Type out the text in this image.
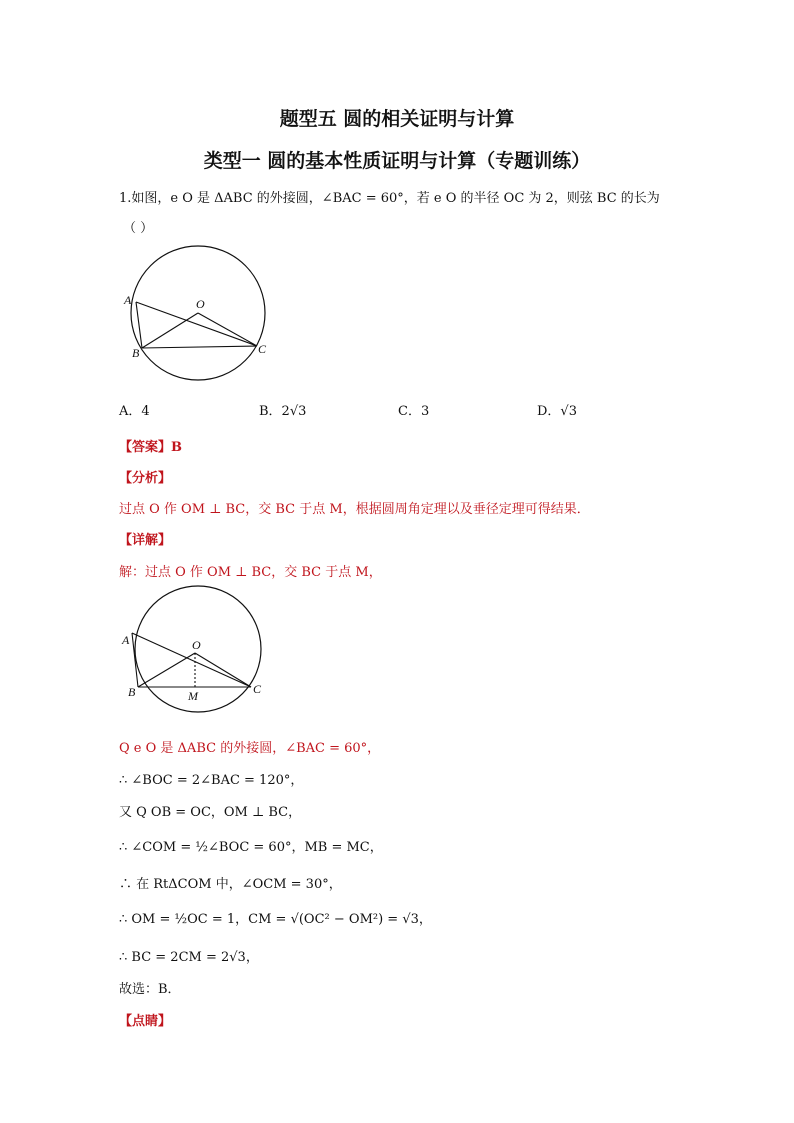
题型五 圆的相关证明与计算
类型一 圆的基本性质证明与计算（专题训练）
1.如图，e O 是 ΔABC 的外接圆，∠BAC = 60°，若 e O 的半径 OC 为 2，则弦 BC 的长为
（ ）
A
B	C
O
A．4	B．2√3	C．3	D．√3
【答案】B
【分析】
过点 O 作 OM ⊥ BC，交 BC 于点 M，根据圆周角定理以及垂径定理可得结果．
【详解】
解：过点 O 作 OM ⊥ BC，交 BC 于点 M，
A
B	C
O
M
Q e O 是 ΔABC 的外接圆，∠BAC = 60°，
∴ ∠BOC = 2∠BAC = 120°，
又 Q OB = OC，OM ⊥ BC，
∴ ∠COM = ½∠BOC = 60°，MB = MC，
∴ 在 RtΔCOM 中，∠OCM = 30°，
∴ OM = ½OC = 1，CM = √(OC² − OM²) = √3，
∴ BC = 2CM = 2√3，
故选：B．
【点睛】
